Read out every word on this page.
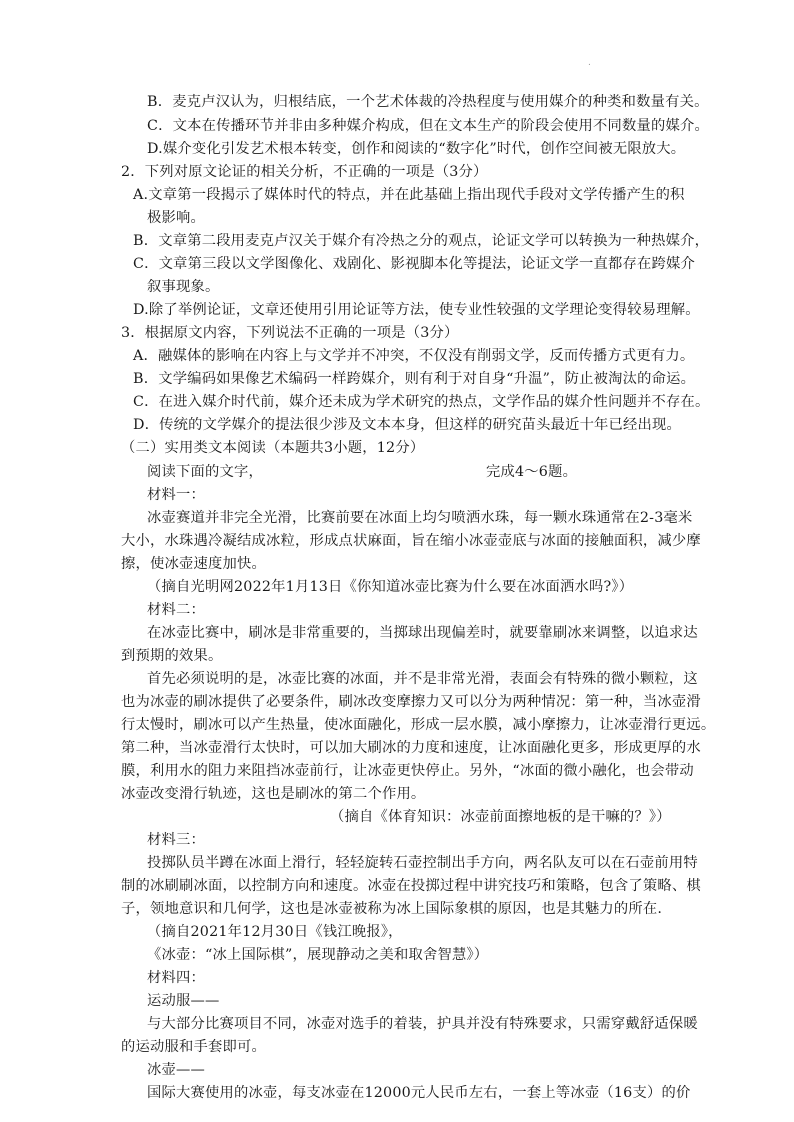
.
B．麦克卢汉认为，归根结底，一个艺术体裁的冷热程度与使用媒介的种类和数量有关。
C．文本在传播环节并非由多种媒介构成，但在文本生产的阶段会使用不同数量的媒介。
D.媒介变化引发艺术根本转变，创作和阅读的“数字化”时代，创作空间被无限放大。
2．下列对原文论证的相关分析，不正确的一项是（3分）
A.文章第一段揭示了媒体时代的特点，并在此基础上指出现代手段对文学传播产生的积
极影响。
B．文章第二段用麦克卢汉关于媒介有冷热之分的观点，论证文学可以转换为一种热媒介，
C．文章第三段以文学图像化、戏剧化、影视脚本化等提法，论证文学一直都存在跨媒介
叙事现象。
D.除了举例论证，文章还使用引用论证等方法，使专业性较强的文学理论变得较易理解。
3．根据原文内容，下列说法不正确的一项是（3分）
A．融媒体的影响在内容上与文学并不冲突，不仅没有削弱文学，反而传播方式更有力。
B．文学编码如果像艺术编码一样跨媒介，则有利于对自身“升温”，防止被淘汰的命运。
C．在进入媒介时代前，媒介还未成为学术研究的热点，文学作品的媒介性问题并不存在。
D．传统的文学媒介的提法很少涉及文本本身，但这样的研究苗头最近十年已经出现。
（二）实用类文本阅读（本题共3小题，12分）
阅读下面的文字，	完成4～6题。
材料一：
冰壶赛道并非完全光滑，比赛前要在冰面上均匀喷洒水珠，每一颗水珠通常在2-3毫米
大小，水珠遇冷凝结成冰粒，形成点状麻面，旨在缩小冰壶壶底与冰面的接触面积，减少摩
擦，使冰壶速度加快。
（摘自光明网2022年1月13日《你知道冰壶比赛为什么要在冰面洒水吗?》）
材料二：
在冰壶比赛中，刷冰是非常重要的，当掷球出现偏差时，就要靠刷冰来调整，以追求达
到预期的效果。
首先必须说明的是，冰壶比赛的冰面，并不是非常光滑，表面会有特殊的微小颗粒，这
也为冰壶的刷冰提供了必要条件，刷冰改变摩擦力又可以分为两种情况：第一种，当冰壶滑
行太慢时，刷冰可以产生热量，使冰面融化，形成一层水膜，减小摩擦力，让冰壶滑行更远。
第二种，当冰壶滑行太快时，可以加大刷冰的力度和速度，让冰面融化更多，形成更厚的水
膜，利用水的阻力来阻挡冰壶前行，让冰壶更快停止。另外，“冰面的微小融化，也会带动
冰壶改变滑行轨迹，这也是刷冰的第二个作用。
（摘自《体育知识：冰壶前面擦地板的是干嘛的？》）
材料三：
投掷队员半蹲在冰面上滑行，轻轻旋转石壶控制出手方向，两名队友可以在石壶前用特
制的冰刷刷冰面，以控制方向和速度。冰壶在投掷过程中讲究技巧和策略，包含了策略、棋
子，领地意识和几何学，这也是冰壶被称为冰上国际象棋的原因，也是其魅力的所在.
（摘自2021年12月30日《钱江晚报》，
《冰壶：“冰上国际棋”，展现静动之美和取舍智慧》）
材料四：
运动服——
与大部分比赛项目不同，冰壶对选手的着装，护具并没有特殊要求，只需穿戴舒适保暖
的运动服和手套即可。
冰壶——
国际大赛使用的冰壶，每支冰壶在12000元人民币左右，一套上等冰壶（16支）的价
